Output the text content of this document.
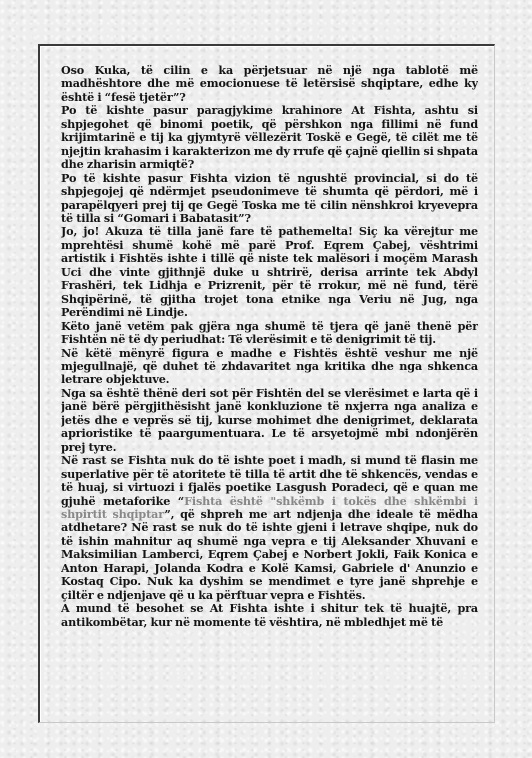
Oso Kuka, të cilin e ka përjetsuar në një nga tablotë më madhështore dhe më emocionuese të letërsisë shqiptare, edhe ky është i “fesë tjetër”?

Po të kishte pasur paragjykime krahinore At Fishta, ashtu si shpjegohet që binomi poetik, që përshkon nga fillimi në fund krijimtarinë e tij ka gjymtyrë vëllezërit Toskë e Gegë, të cilët me të njejtin krahasim i karakterizon me dy rrufe që çajnë qiellin si shpata dhe zharisin armiqtë?

Po të kishte pasur Fishta vizion të ngushtë provincial, si do të shpjegojej që ndërmjet pseudonimeve të shumta që përdori, më i parapëlqyeri prej tij qe Gegë Toska me të cilin nënshkroi kryevepra të tilla si “Gomari i Babatasit”?

Jo, jo! Akuza të tilla janë fare të pathemelta! Siç ka vërejtur me mprehtësi shumë kohë më parë Prof. Eqrem Çabej, vështrimi artistik i Fishtës ishte i tillë që niste tek malësori i moçëm Marash Uci dhe vinte gjithnjë duke u shtrirë, derisa arrinte tek Abdyl Frashëri, tek Lidhja e Prizrenit, për të rrokur, më në fund, tërë Shqipërinë, të gjitha trojet tona etnike nga Veriu në Jug, nga Perëndimi në Lindje.

Këto janë vetëm pak gjëra nga shumë të tjera që janë thenë për Fishtën në të dy periudhat: Të vlerësimit e të denigrimit të tij.

Në këtë mënyrë figura e madhe e Fishtës është veshur me një mjegullnajë, që duhet të zhdavaritet nga kritika dhe nga shkenca letrare objektuve.

Nga sa është thënë deri sot për Fishtën del se vlerësimet e larta që i janë bërë përgjithësisht janë konkluzione të nxjerra nga analiza e jetës dhe e veprës së tij, kurse mohimet dhe denigrimet, deklarata aprioristike të paargumentuara. Le të arsyetojmë mbi ndonjërën prej tyre.

Në rast se Fishta nuk do të ishte poet i madh, si mund të flasin me superlative për të atoritete të tilla të artit dhe të shkencës, vendas e të huaj, si virtuozi i fjalës poetike Lasgush Poradeci, që e quan me gjuhë metaforike “Fishta është "shkëmb i tokës dhe shkëmbi i shpirtit shqiptar”, që shpreh me art ndjenja dhe ideale të mëdha atdhetare? Në rast se nuk do të ishte gjeni i letrave shqipe, nuk do të ishin mahnitur aq shumë nga vepra e tij Aleksander Xhuvani e Maksimilian Lamberci, Eqrem Çabej e Norbert Jokli, Faik Konica e Anton Harapi, Jolanda Kodra e Kolë Kamsi, Gabriele d' Anunzio e Kostaq Cipo. Nuk ka dyshim se mendimet e tyre janë shprehje e çiltër e ndjenjave që u ka përftuar vepra e Fishtës.

A mund të besohet se At Fishta ishte i shitur tek të huajtë, pra antikombëtar, kur në momente të vështira, në mbledhjet më të
